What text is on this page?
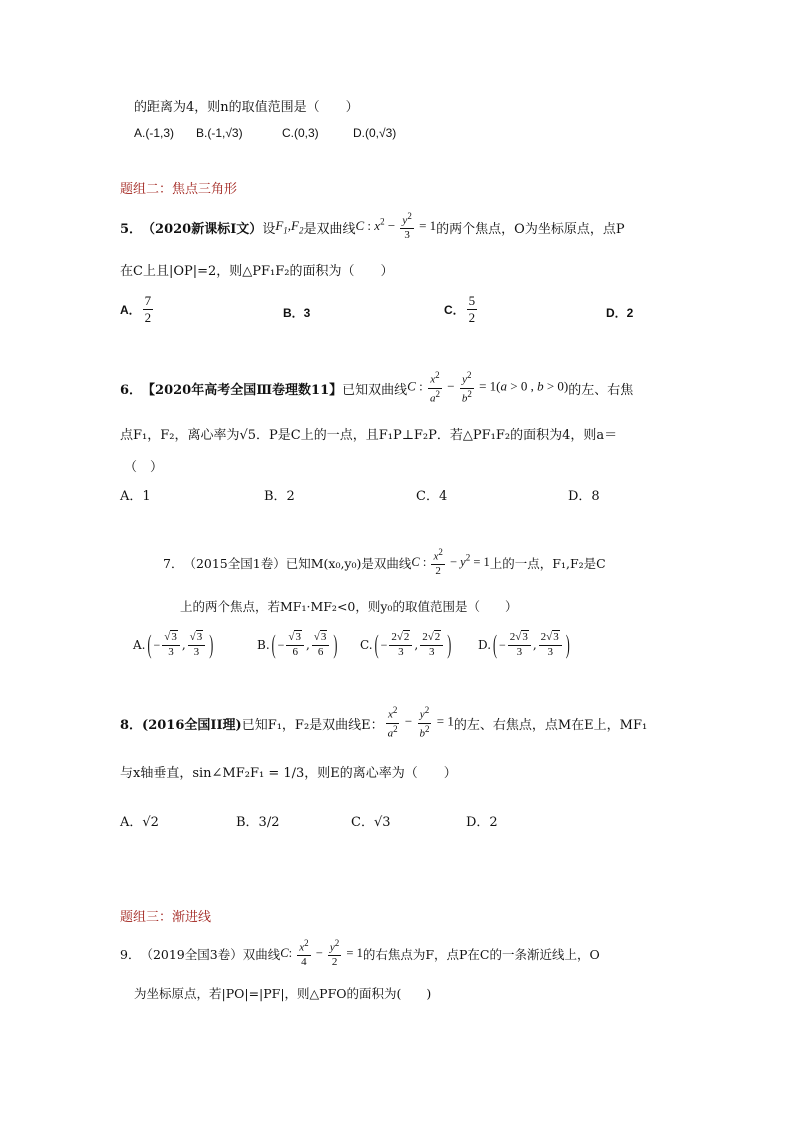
的距离为4，则n的取值范围是（　　）
A.(-1,3) B.(-1,√3)	C.(0,3)	D.(0,√3)
题组二：焦点三角形
5． （2020新课标Ⅰ文） 设 $F_1,F_2$ 是双曲线 C : $x^2 - \frac{y^2}{3} = 1$ 的两个焦点，O为坐标原点，点P
在C上且|OP|=2，则△PF₁F₂的面积为（　　）
A． $\frac{7}{2}$	B．3	C． $\frac{5}{2}$	D．2
6． 【2020年高考全国Ⅲ卷理数11】 已知双曲线 C : $\frac{x^2}{a^2} - \frac{y^2}{b^2} = 1(a > 0$ , b > 0) 的左、右焦
点F₁，F₂，离心率为√5．P是C上的一点，且F₁P⊥F₂P．若△PF₁F₂的面积为4，则a＝
（　）
A．1	B．2	C．4	D．8
7． （2015全国1卷） 已知M(x₀,y₀)是双曲线 C : $\frac{x^2}{2} - y^2 = 1$ 上的一点，F₁,F₂是C
上的两个焦点，若MF₁·MF₂<0，则y₀的取值范围是（　　）
A. ( − $\frac{√3}{3}$ , $\frac{√3}{3}$ )	B. ( − $\frac{√3}{6}$ , $\frac{√3}{6}$ ) C. ( − $\frac{2√2}{3}$ , $\frac{2√2}{3}$ ) D. ( − $\frac{2√3}{3}$ , $\frac{2√3}{3}$ )
8． (2016全国II理) 已知F₁，F₂是双曲线E： $\frac{x^2}{a^2} - \frac{y^2}{b^2} = 1$ 的左、右焦点，点M在E上，MF₁
与x轴垂直，sin∠MF₂F₁ = 1/3，则E的离心率为（　　）
A．√2	B．3/2	C．√3	D．2
题组三：渐进线
9． （2019全国3卷） 双曲线 C: $\frac{x^2}{4} - \frac{y^2}{2} = 1$ 的右焦点为F，点P在C的一条渐近线上，O
为坐标原点，若|PO|=|PF|，则△PFO的面积为(　　)
